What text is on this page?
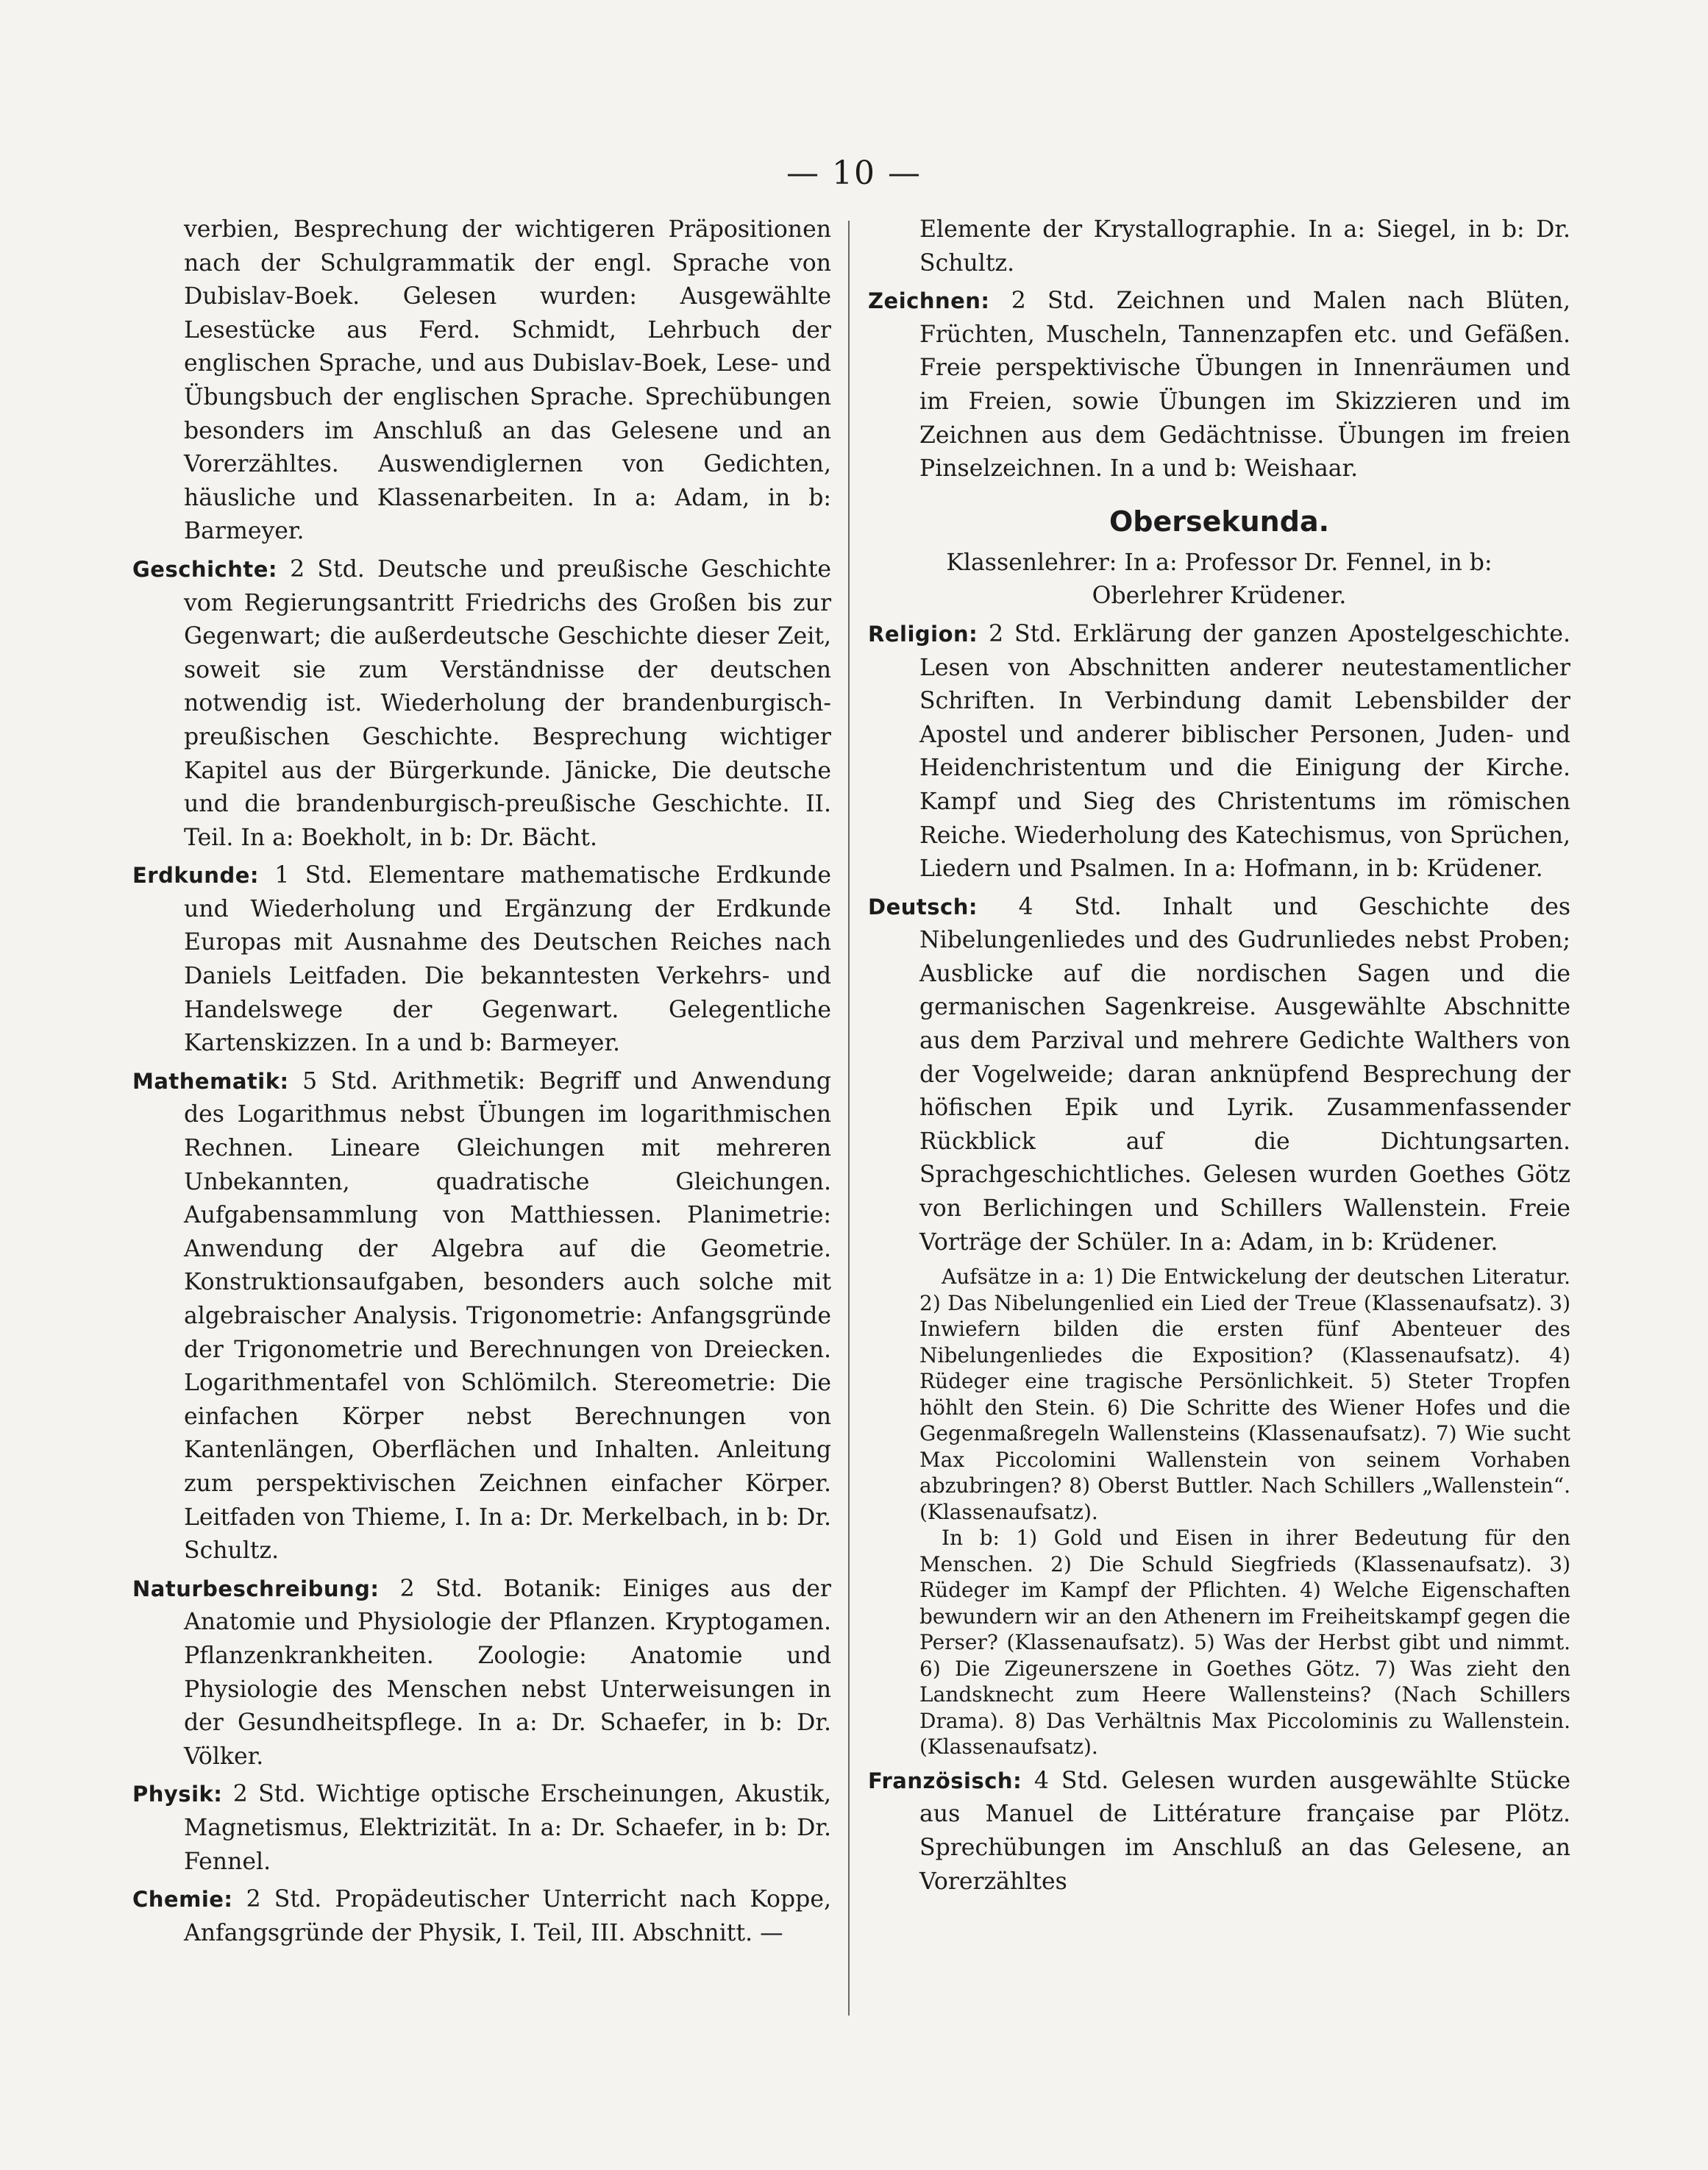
— 10 —

verbien, Besprechung der wichtigeren Präpositionen nach der Schulgrammatik der engl. Sprache von Dubislav-Boek. Gelesen wurden: Ausgewählte Lesestücke aus Ferd. Schmidt, Lehrbuch der englischen Sprache, und aus Dubislav-Boek, Lese- und Übungsbuch der englischen Sprache. Sprechübungen besonders im Anschluß an das Gelesene und an Vorerzähltes. Auswendiglernen von Gedichten, häusliche und Klassenarbeiten. In a: Adam, in b: Barmeyer.

Geschichte: 2 Std. Deutsche und preußische Geschichte vom Regierungsantritt Friedrichs des Großen bis zur Gegenwart; die außerdeutsche Geschichte dieser Zeit, soweit sie zum Verständnisse der deutschen notwendig ist. Wiederholung der brandenburgisch-preußischen Geschichte. Besprechung wichtiger Kapitel aus der Bürgerkunde. Jänicke, Die deutsche und die brandenburgisch-preußische Geschichte. II. Teil. In a: Boekholt, in b: Dr. Bächt.

Erdkunde: 1 Std. Elementare mathematische Erdkunde und Wiederholung und Ergänzung der Erdkunde Europas mit Ausnahme des Deutschen Reiches nach Daniels Leitfaden. Die bekanntesten Verkehrs- und Handelswege der Gegenwart. Gelegentliche Kartenskizzen. In a und b: Barmeyer.

Mathematik: 5 Std. Arithmetik: Begriff und Anwendung des Logarithmus nebst Übungen im logarithmischen Rechnen. Lineare Gleichungen mit mehreren Unbekannten, quadratische Gleichungen. Aufgabensammlung von Matthiessen. Planimetrie: Anwendung der Algebra auf die Geometrie. Konstruktionsaufgaben, besonders auch solche mit algebraischer Analysis. Trigonometrie: Anfangsgründe der Trigonometrie und Berechnungen von Dreiecken. Logarithmentafel von Schlömilch. Stereometrie: Die einfachen Körper nebst Berechnungen von Kantenlängen, Oberflächen und Inhalten. Anleitung zum perspektivischen Zeichnen einfacher Körper. Leitfaden von Thieme, I. In a: Dr. Merkelbach, in b: Dr. Schultz.

Naturbeschreibung: 2 Std. Botanik: Einiges aus der Anatomie und Physiologie der Pflanzen. Kryptogamen. Pflanzenkrankheiten. Zoologie: Anatomie und Physiologie des Menschen nebst Unterweisungen in der Gesundheitspflege. In a: Dr. Schaefer, in b: Dr. Völker.

Physik: 2 Std. Wichtige optische Erscheinungen, Akustik, Magnetismus, Elektrizität. In a: Dr. Schaefer, in b: Dr. Fennel.

Chemie: 2 Std. Propädeutischer Unterricht nach Koppe, Anfangsgründe der Physik, I. Teil, III. Abschnitt. —

Elemente der Krystallographie. In a: Siegel, in b: Dr. Schultz.

Zeichnen: 2 Std. Zeichnen und Malen nach Blüten, Früchten, Muscheln, Tannenzapfen etc. und Gefäßen. Freie perspektivische Übungen in Innenräumen und im Freien, sowie Übungen im Skizzieren und im Zeichnen aus dem Gedächtnisse. Übungen im freien Pinselzeichnen. In a und b: Weishaar.

Obersekunda.

Klassenlehrer: In a: Professor Dr. Fennel, in b:

Oberlehrer Krüdener.

Religion: 2 Std. Erklärung der ganzen Apostelgeschichte. Lesen von Abschnitten anderer neutestamentlicher Schriften. In Verbindung damit Lebensbilder der Apostel und anderer biblischer Personen, Juden- und Heidenchristentum und die Einigung der Kirche. Kampf und Sieg des Christentums im römischen Reiche. Wiederholung des Katechismus, von Sprüchen, Liedern und Psalmen. In a: Hofmann, in b: Krüdener.

Deutsch: 4 Std. Inhalt und Geschichte des Nibelungenliedes und des Gudrunliedes nebst Proben; Ausblicke auf die nordischen Sagen und die germanischen Sagenkreise. Ausgewählte Abschnitte aus dem Parzival und mehrere Gedichte Walthers von der Vogelweide; daran anknüpfend Besprechung der höfischen Epik und Lyrik. Zusammenfassender Rückblick auf die Dichtungsarten. Sprachgeschichtliches. Gelesen wurden Goethes Götz von Berlichingen und Schillers Wallenstein. Freie Vorträge der Schüler. In a: Adam, in b: Krüdener.

Aufsätze in a: 1) Die Entwickelung der deutschen Literatur. 2) Das Nibelungenlied ein Lied der Treue (Klassenaufsatz). 3) Inwiefern bilden die ersten fünf Abenteuer des Nibelungenliedes die Exposition? (Klassenaufsatz). 4) Rüdeger eine tragische Persönlichkeit. 5) Steter Tropfen höhlt den Stein. 6) Die Schritte des Wiener Hofes und die Gegenmaßregeln Wallensteins (Klassenaufsatz). 7) Wie sucht Max Piccolomini Wallenstein von seinem Vorhaben abzubringen? 8) Oberst Buttler. Nach Schillers „Wallenstein“. (Klassenaufsatz).

In b: 1) Gold und Eisen in ihrer Bedeutung für den Menschen. 2) Die Schuld Siegfrieds (Klassenaufsatz). 3) Rüdeger im Kampf der Pflichten. 4) Welche Eigenschaften bewundern wir an den Athenern im Freiheitskampf gegen die Perser? (Klassenaufsatz). 5) Was der Herbst gibt und nimmt. 6) Die Zigeunerszene in Goethes Götz. 7) Was zieht den Landsknecht zum Heere Wallensteins? (Nach Schillers Drama). 8) Das Verhältnis Max Piccolominis zu Wallenstein. (Klassenaufsatz).

Französisch: 4 Std. Gelesen wurden ausgewählte Stücke aus Manuel de Littérature française par Plötz. Sprechübungen im Anschluß an das Gelesene, an Vorerzähltes
